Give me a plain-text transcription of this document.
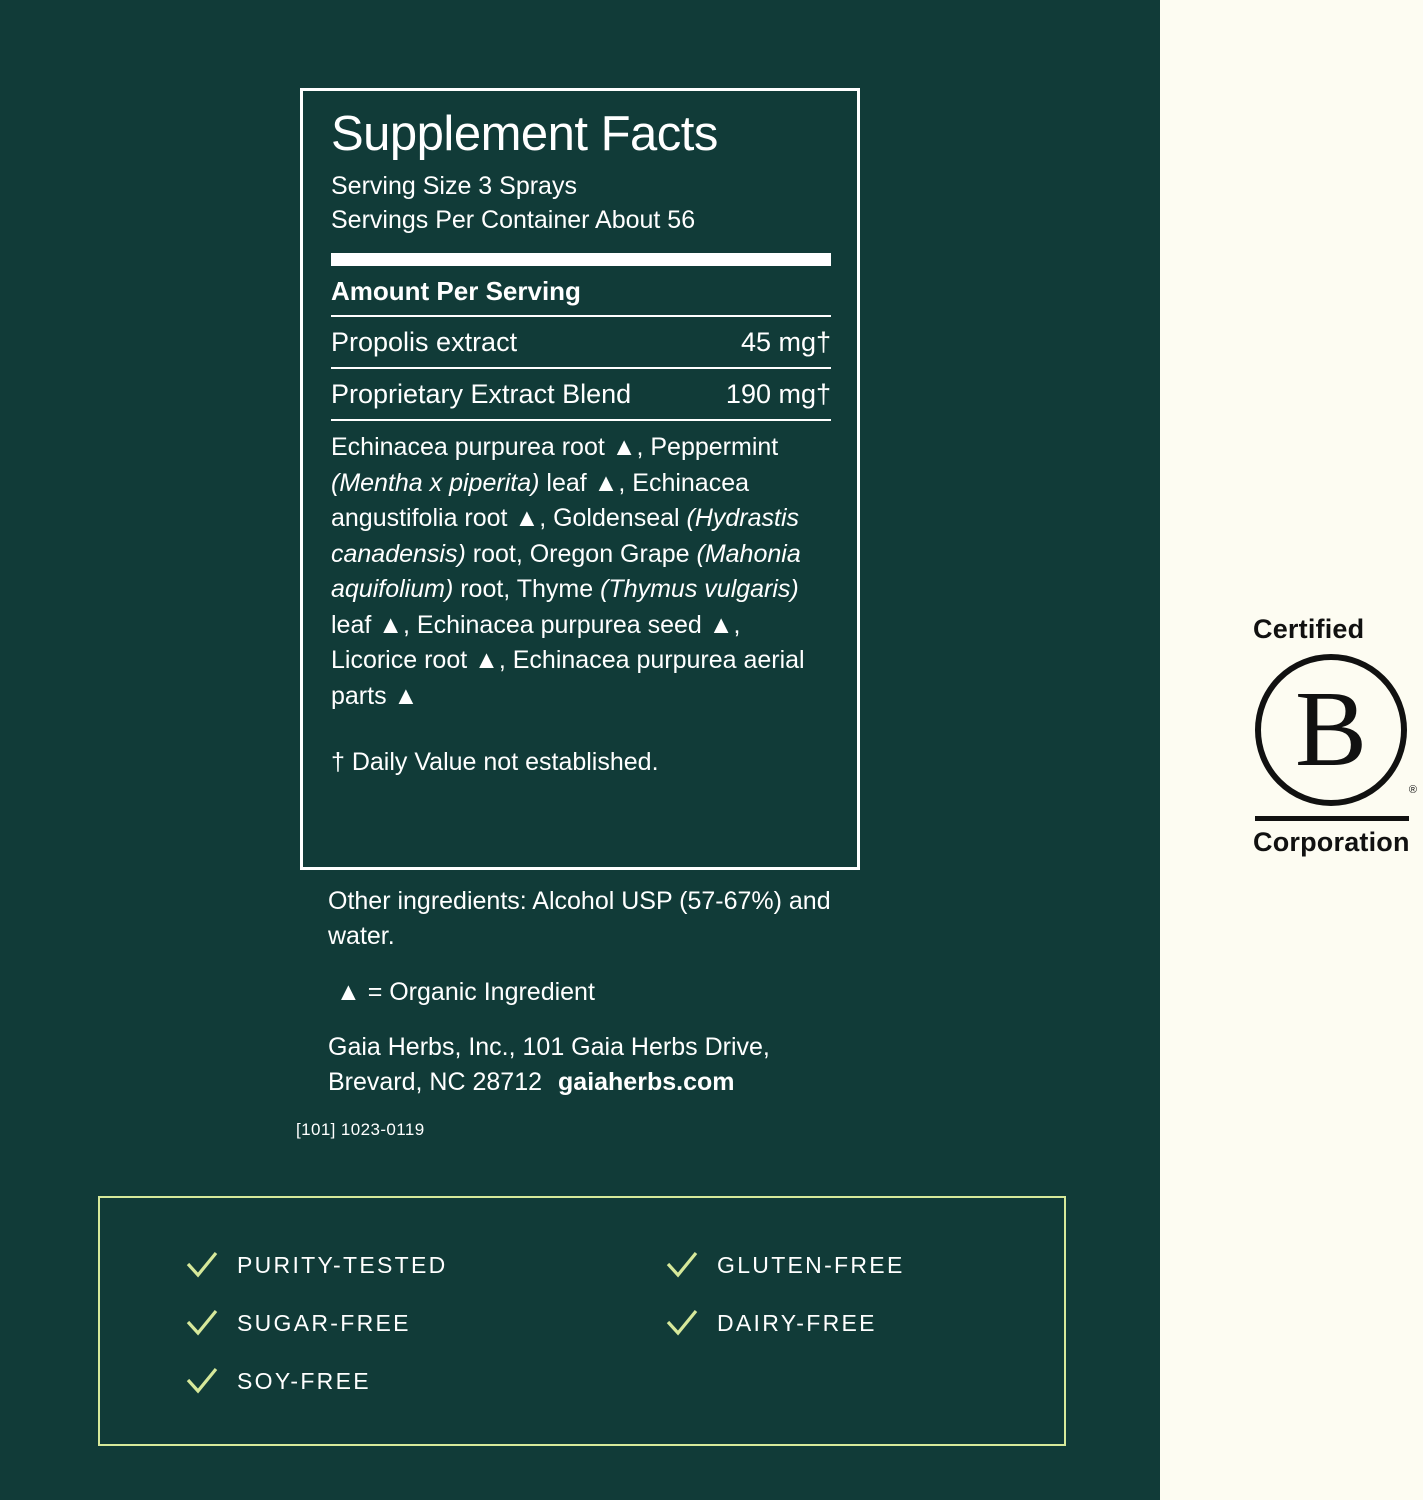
Supplement Facts
Serving Size 3 Sprays
Servings Per Container About 56
Amount Per Serving
Propolis extract	45 mg†
Proprietary Extract Blend	190 mg†
Echinacea purpurea root ▲, Peppermint (Mentha x piperita) leaf ▲, Echinacea angustifolia root ▲, Goldenseal (Hydrastis canadensis) root, Oregon Grape (Mahonia aquifolium) root, Thyme (Thymus vulgaris) leaf ▲, Echinacea purpurea seed ▲, Licorice root ▲, Echinacea purpurea aerial parts ▲
† Daily Value not established.
Other ingredients: Alcohol USP (57-67%) and water.
▲ = Organic Ingredient
Gaia Herbs, Inc., 101 Gaia Herbs Drive,
Brevard, NC 28712 gaiaherbs.com
[101] 1023-0119
PURITY-TESTED	GLUTEN-FREE
SUGAR-FREE	DAIRY-FREE
SOY-FREE
Certified
B
®
Corporation
